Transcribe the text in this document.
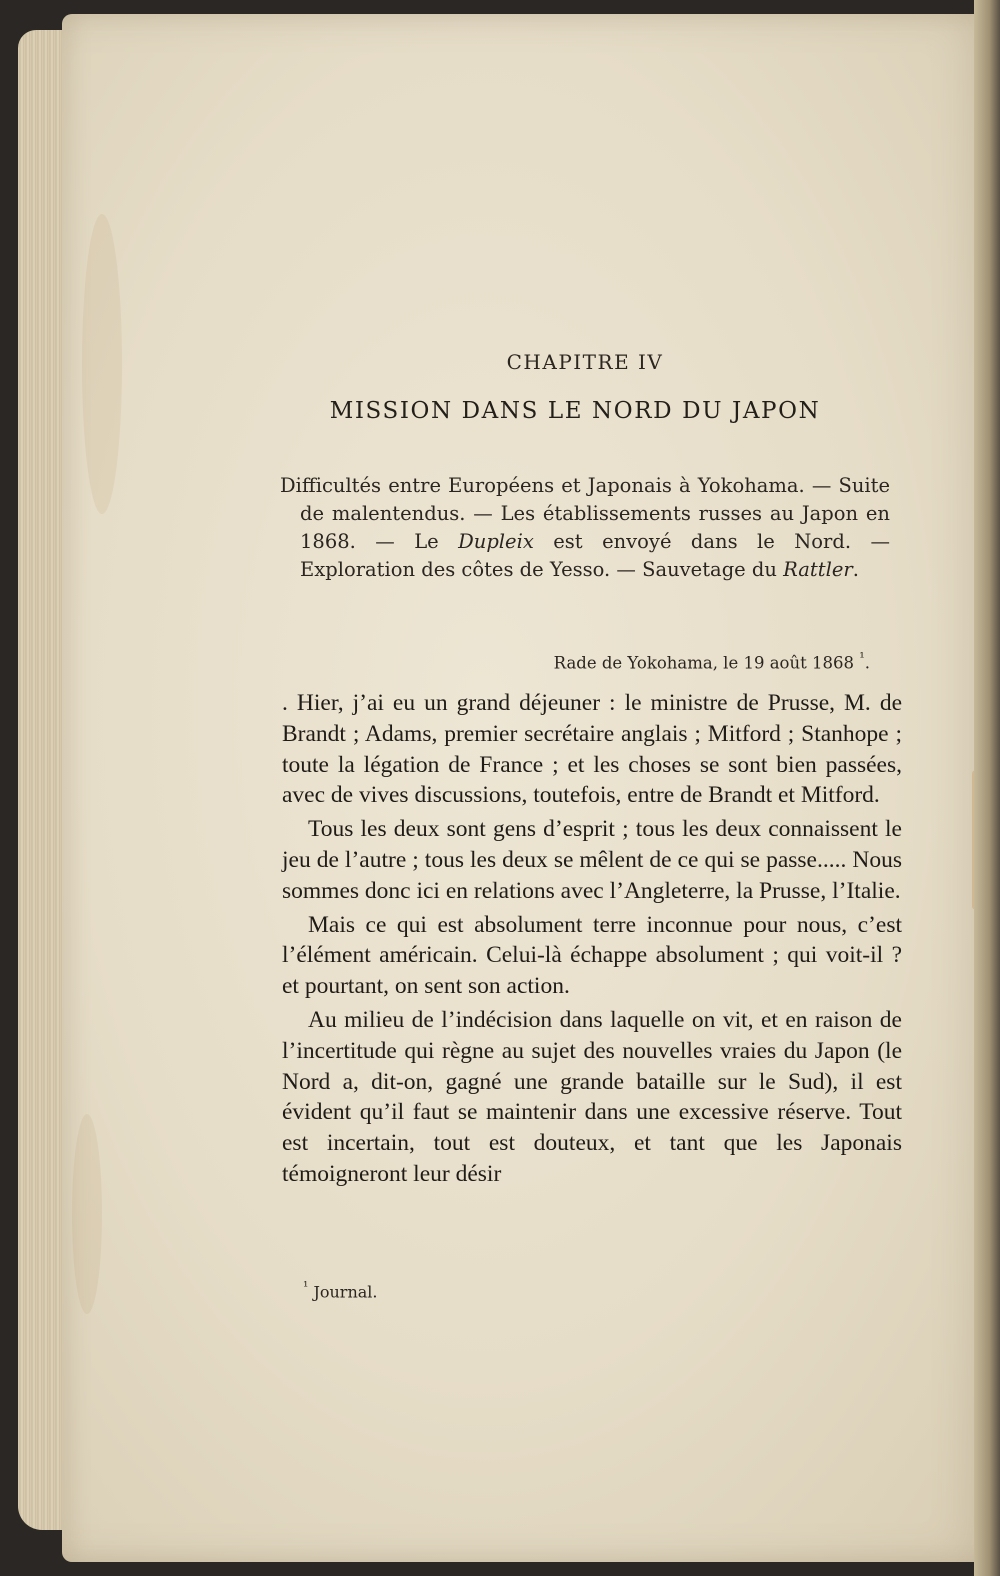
CHAPITRE IV
MISSION DANS LE NORD DU JAPON
Difficultés entre Européens et Japonais à Yokohama. — Suite de malentendus. — Les établissements russes au Japon en 1868. — Le Dupleix est envoyé dans le Nord. — Exploration des côtes de Yesso. — Sauvetage du Rattler.
Rade de Yokohama, le 19 août 1868 $^{^1}$.

. Hier, j’ai eu un grand déjeuner : le ministre de Prusse, M. de Brandt ; Adams, premier secrétaire anglais ; Mitford ; Stanhope ; toute la légation de France ; et les choses se sont bien passées, avec de vives discussions, toutefois, entre de Brandt et Mitford.

Tous les deux sont gens d’esprit ; tous les deux connaissent le jeu de l’autre ; tous les deux se mêlent de ce qui se passe..... Nous sommes donc ici en relations avec l’Angleterre, la Prusse, l’Italie.

Mais ce qui est absolument terre inconnue pour nous, c’est l’élément américain. Celui-là échappe absolument ; qui voit-il ? et pourtant, on sent son action.

Au milieu de l’indécision dans laquelle on vit, et en raison de l’incertitude qui règne au sujet des nouvelles vraies du Japon (le Nord a, dit-on, gagné une grande bataille sur le Sud), il est évident qu’il faut se maintenir dans une excessive réserve. Tout est incertain, tout est douteux, et tant que les Japonais témoigneront leur désir

$^{^1}$ Journal.
